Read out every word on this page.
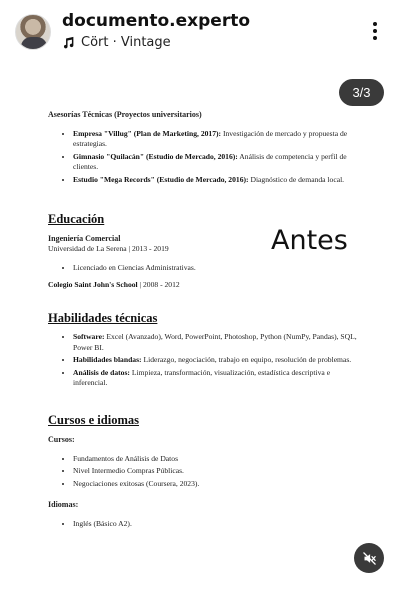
documento.experto
Cört · Vintage
3/3
Asesorías Técnicas (Proyectos universitarios)
• Empresa "Villug" (Plan de Marketing, 2017): Investigación de mercado y propuesta de estrategias.
• Gimnasio "Quilacán" (Estudio de Mercado, 2016): Análisis de competencia y perfil de clientes.
• Estudio "Mega Records" (Estudio de Mercado, 2016): Diagnóstico de demanda local.
Educación
Ingeniería Comercial
Universidad de La Serena | 2013 - 2019
• Licenciado en Ciencias Administrativas.
Colegio Saint John's School | 2008 - 2012
Habilidades técnicas
• Software: Excel (Avanzado), Word, PowerPoint, Photoshop, Python (NumPy, Pandas), SQL, Power BI.
• Habilidades blandas: Liderazgo, negociación, trabajo en equipo, resolución de problemas.
• Análisis de datos: Limpieza, transformación, visualización, estadística descriptiva e inferencial.
Cursos e idiomas
Cursos:
• Fundamentos de Análisis de Datos
• Nivel Intermedio Compras Públicas.
• Negociaciones exitosas (Coursera, 2023).
Idiomas:
• Inglés (Básico A2).
Antes
